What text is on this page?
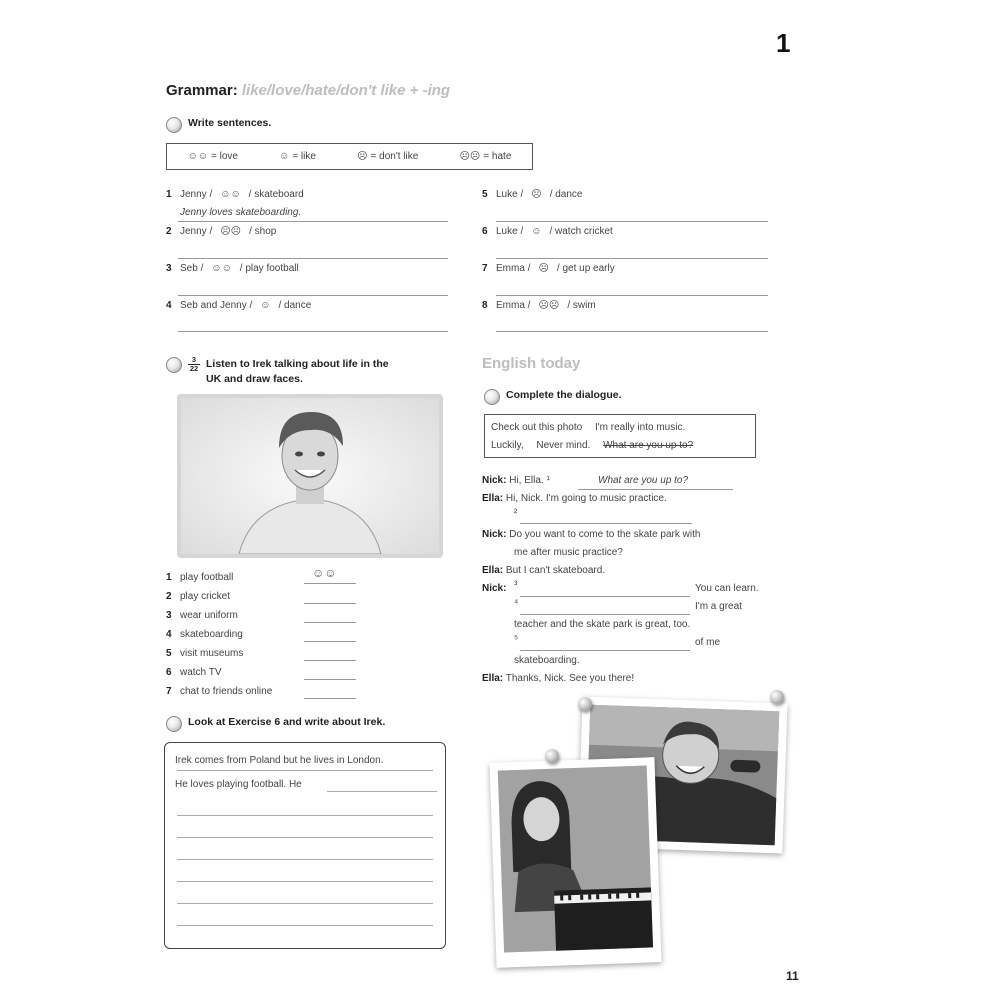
1
Grammar: like/love/hate/don't like + -ing
Write sentences.
☺☺ = love	☺ = like	☹ = don't like	☹☹ = hate
1 Jenny / ☺☺ / skateboard
Jenny loves skateboarding.
2 Jenny / ☹☹ / shop
3 Seb / ☺☺ / play football
4 Seb and Jenny / ☺ / dance
5 Luke / ☹ / dance
6 Luke / ☺ / watch cricket
7 Emma / ☹ / get up early
8 Emma / ☹☹ / swim
3
22 Listen to Irek talking about life in the
UK and draw faces.
1 play football	☺☺
2 play cricket
3 wear uniform
4 skateboarding
5 visit museums
6 watch TV
7 chat to friends online
Look at Exercise 6 and write about Irek.
Irek comes from Poland but he lives in London.
He loves playing football. He
English today
Complete the dialogue.
Check out this photo I'm really into music.
Luckily, Never mind. What are you up to?
Nick: Hi, Ella. ¹	What are you up to?
Ella: Hi, Nick. I'm going to music practice.
²
Nick: Do you want to come to the skate park with
me after music practice?
Ella: But I can't skateboard.
Nick: ³	You can learn.
⁴	I'm a great
teacher and the skate park is great, too.
⁵	of me
skateboarding.
Ella: Thanks, Nick. See you there!
11
